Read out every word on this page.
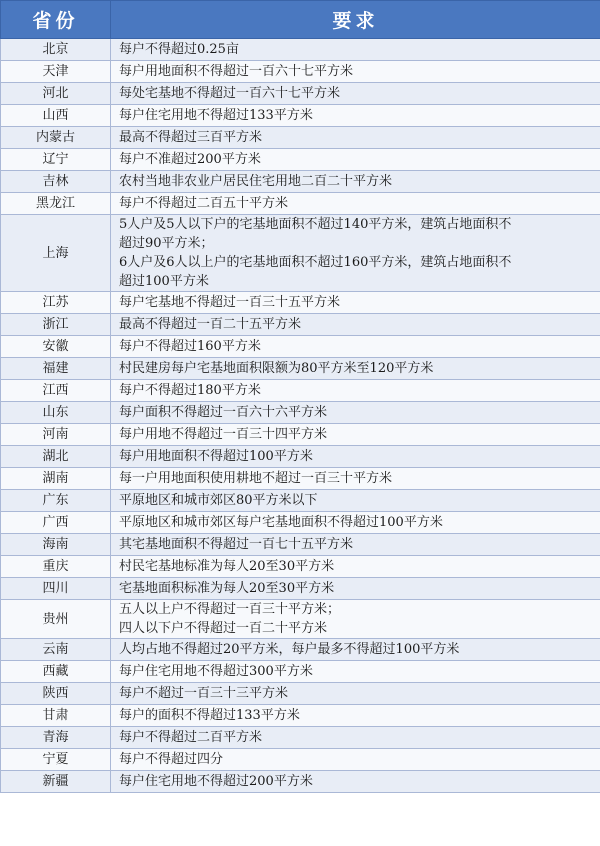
省份	要求
北京	每户不得超过0.25亩

天津	每户用地面积不得超过一百六十七平方米

河北	每处宅基地不得超过一百六十七平方米

山西	每户住宅用地不得超过133平方米

内蒙古	最高不得超过三百平方米

辽宁	每户不准超过200平方米

吉林	农村当地非农业户居民住宅用地二百二十平方米

黑龙江	每户不得超过二百五十平方米

上海	5人户及5人以下户的宅基地面积不超过140平方米，建筑占地面积不
超过90平方米；
6人户及6人以上户的宅基地面积不超过160平方米，建筑占地面积不
超过100平方米

江苏	每户宅基地不得超过一百三十五平方米

浙江	最高不得超过一百二十五平方米

安徽	每户不得超过160平方米

福建	村民建房每户宅基地面积限额为80平方米至120平方米

江西	每户不得超过180平方米

山东	每户面积不得超过一百六十六平方米

河南	每户用地不得超过一百三十四平方米

湖北	每户用地面积不得超过100平方米

湖南	每一户用地面积使用耕地不超过一百三十平方米

广东	平原地区和城市郊区80平方米以下

广西	平原地区和城市郊区每户宅基地面积不得超过100平方米

海南	其宅基地面积不得超过一百七十五平方米

重庆	村民宅基地标准为每人20至30平方米

四川	宅基地面积标准为每人20至30平方米

贵州	五人以上户不得超过一百三十平方米；
四人以下户不得超过一百二十平方米

云南	人均占地不得超过20平方米，每户最多不得超过100平方米

西藏	每户住宅用地不得超过300平方米

陕西	每户不超过一百三十三平方米

甘肃	每户的面积不得超过133平方米

青海	每户不得超过二百平方米

宁夏	每户不得超过四分

新疆	每户住宅用地不得超过200平方米
